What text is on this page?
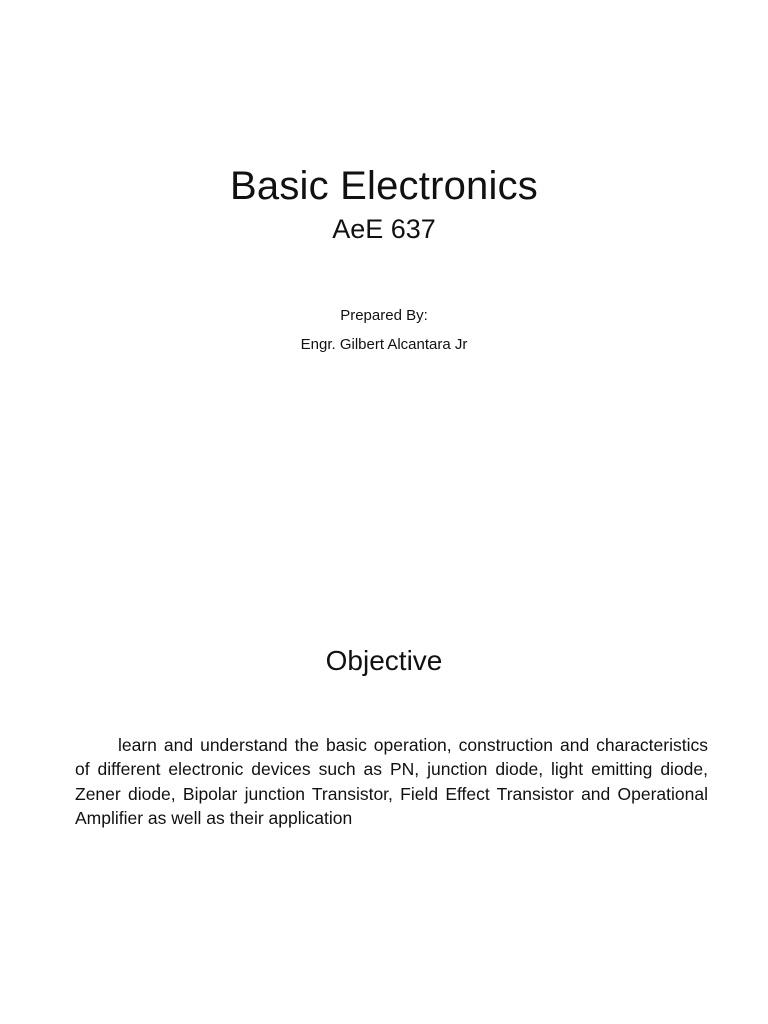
Basic Electronics
AeE 637
Prepared By:
Engr. Gilbert Alcantara Jr
Objective

learn and understand the basic operation, construction and characteristics of different electronic devices such as PN, junction diode, light emitting diode, Zener diode, Bipolar junction Transistor, Field Effect Transistor and Operational Amplifier as well as their application
